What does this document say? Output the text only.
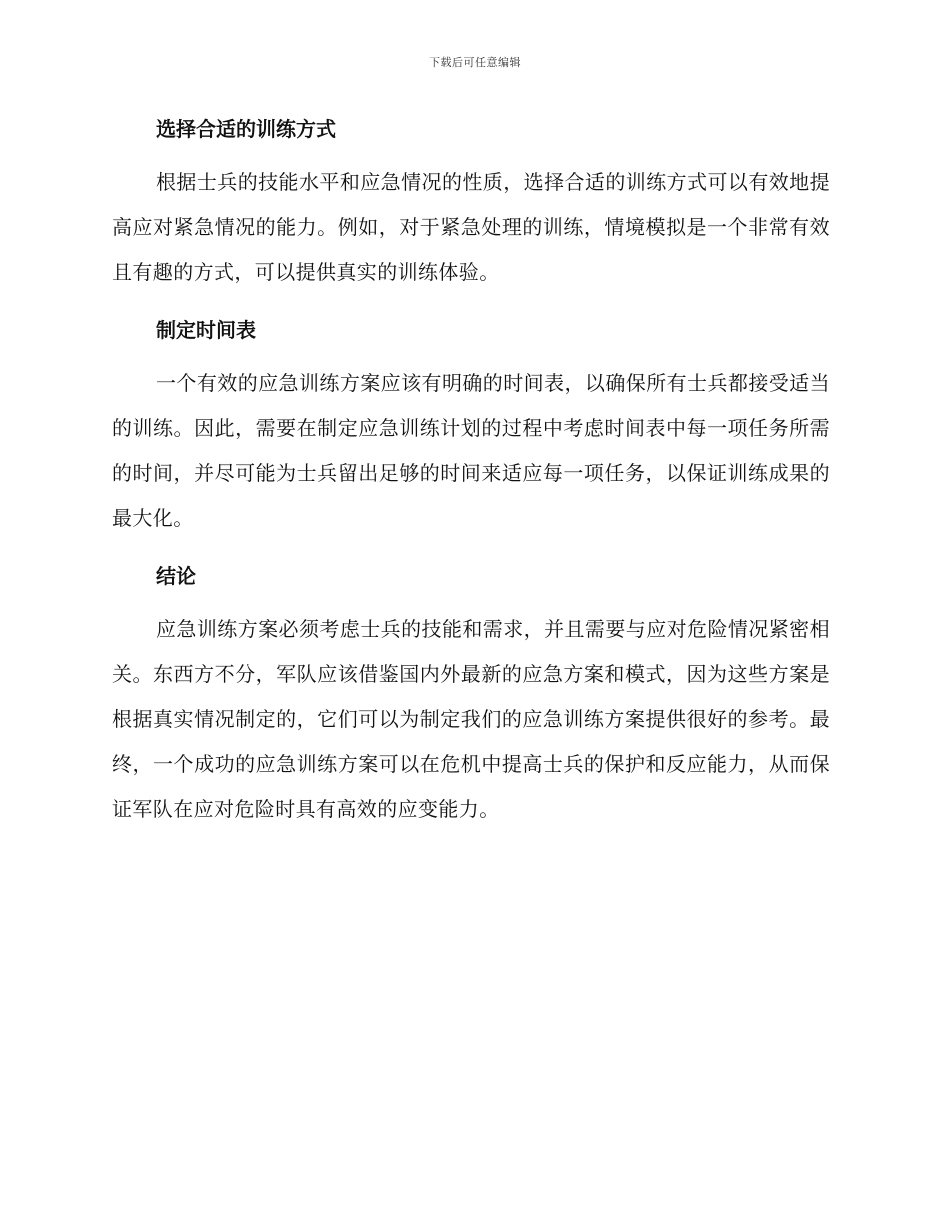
下载后可任意编辑
选择合适的训练方式

根据士兵的技能水平和应急情况的性质，选择合适的训练方式可以有效地提高应对紧急情况的能力。例如，对于紧急处理的训练，情境模拟是一个非常有效且有趣的方式，可以提供真实的训练体验。

制定时间表

一个有效的应急训练方案应该有明确的时间表，以确保所有士兵都接受适当的训练。因此，需要在制定应急训练计划的过程中考虑时间表中每一项任务所需的时间，并尽可能为士兵留出足够的时间来适应每一项任务，以保证训练成果的最大化。

结论

应急训练方案必须考虑士兵的技能和需求，并且需要与应对危险情况紧密相关。东西方不分，军队应该借鉴国内外最新的应急方案和模式，因为这些方案是根据真实情况制定的，它们可以为制定我们的应急训练方案提供很好的参考。最终，一个成功的应急训练方案可以在危机中提高士兵的保护和反应能力，从而保证军队在应对危险时具有高效的应变能力。
